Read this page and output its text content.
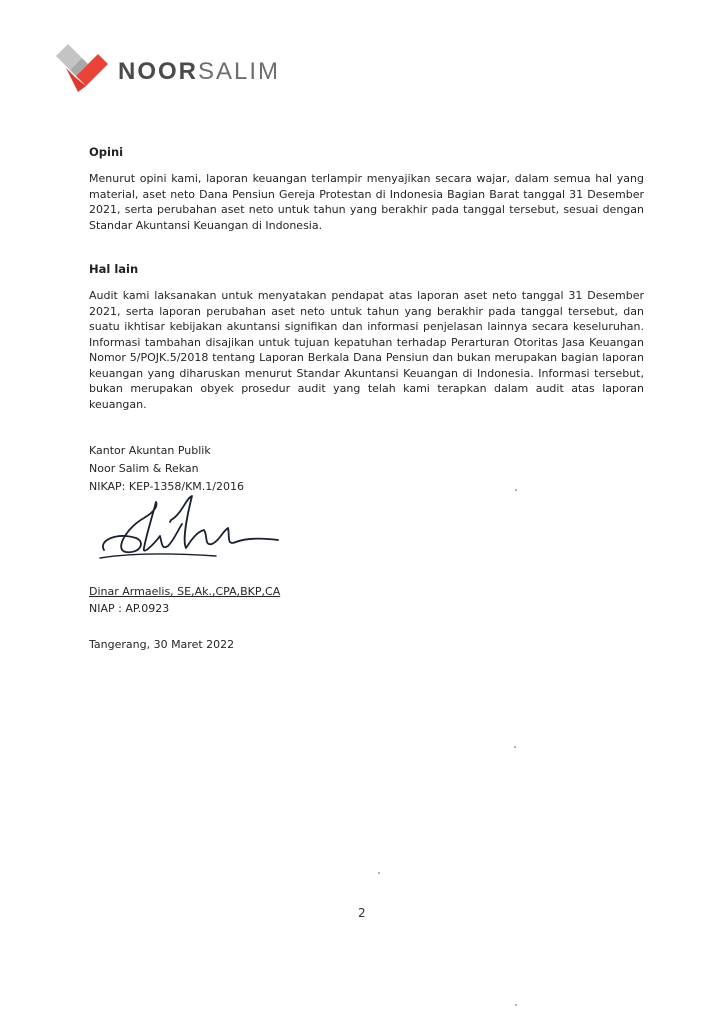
NOORSALIM
Opini
Menurut opini kami, laporan keuangan terlampir menyajikan secara wajar, dalam semua hal yang material, aset neto Dana Pensiun Gereja Protestan di Indonesia Bagian Barat tanggal 31 Desember 2021, serta perubahan aset neto untuk tahun yang berakhir pada tanggal tersebut, sesuai dengan Standar Akuntansi Keuangan di Indonesia.
Hal lain
Audit kami laksanakan untuk menyatakan pendapat atas laporan aset neto tanggal 31 Desember 2021, serta laporan perubahan aset neto untuk tahun yang berakhir pada tanggal tersebut, dan suatu ikhtisar kebijakan akuntansi signifikan dan informasi penjelasan lainnya secara keseluruhan. Informasi tambahan disajikan untuk tujuan kepatuhan terhadap Perarturan Otoritas Jasa Keuangan Nomor 5/POJK.5/2018 tentang Laporan Berkala Dana Pensiun dan bukan merupakan bagian laporan keuangan yang diharuskan menurut Standar Akuntansi Keuangan di Indonesia. Informasi tersebut, bukan merupakan obyek prosedur audit yang telah kami terapkan dalam audit atas laporan keuangan.
Kantor Akuntan Publik
Noor Salim & Rekan
NIKAP: KEP-1358/KM.1/2016
Dinar Armaelis, SE,Ak.,CPA,BKP,CA
NIAP : AP.0923
Tangerang, 30 Maret 2022
2
